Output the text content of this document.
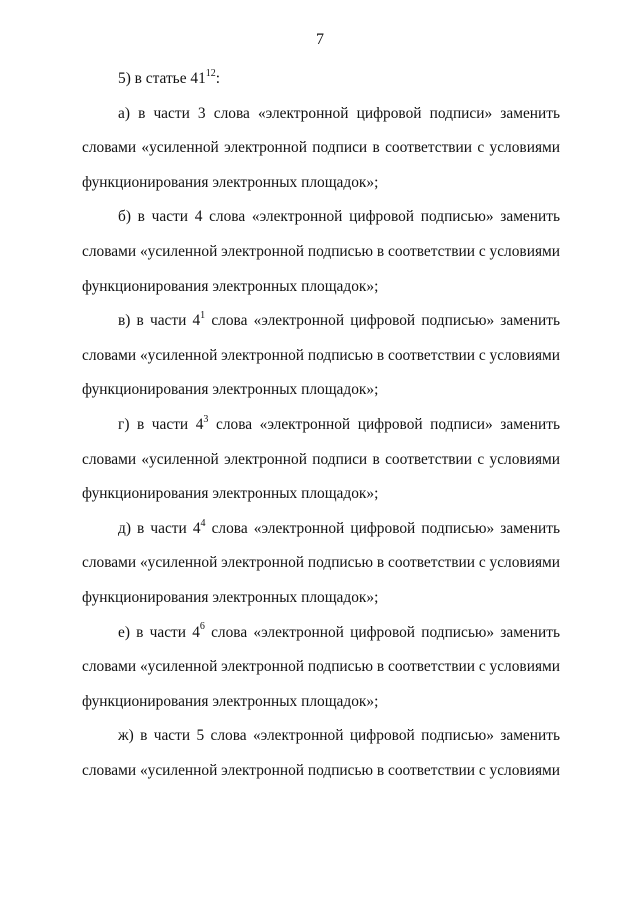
7
5) в статье $41^{12}$:
а) в части 3 слова «электронной цифровой подписи» заменить
словами «усиленной электронной подписи в соответствии с условиями
функционирования электронных площадок»;
б) в части 4 слова «электронной цифровой подписью» заменить
словами «усиленной электронной подписью в соответствии с условиями
функционирования электронных площадок»;
в) в части $4^1$ слова «электронной цифровой подписью» заменить
словами «усиленной электронной подписью в соответствии с условиями
функционирования электронных площадок»;
г) в части $4^3$ слова «электронной цифровой подписи» заменить
словами «усиленной электронной подписи в соответствии с условиями
функционирования электронных площадок»;
д) в части $4^4$ слова «электронной цифровой подписью» заменить
словами «усиленной электронной подписью в соответствии с условиями
функционирования электронных площадок»;
е) в части $4^6$ слова «электронной цифровой подписью» заменить
словами «усиленной электронной подписью в соответствии с условиями
функционирования электронных площадок»;
ж) в части 5 слова «электронной цифровой подписью» заменить
словами «усиленной электронной подписью в соответствии с условиями
